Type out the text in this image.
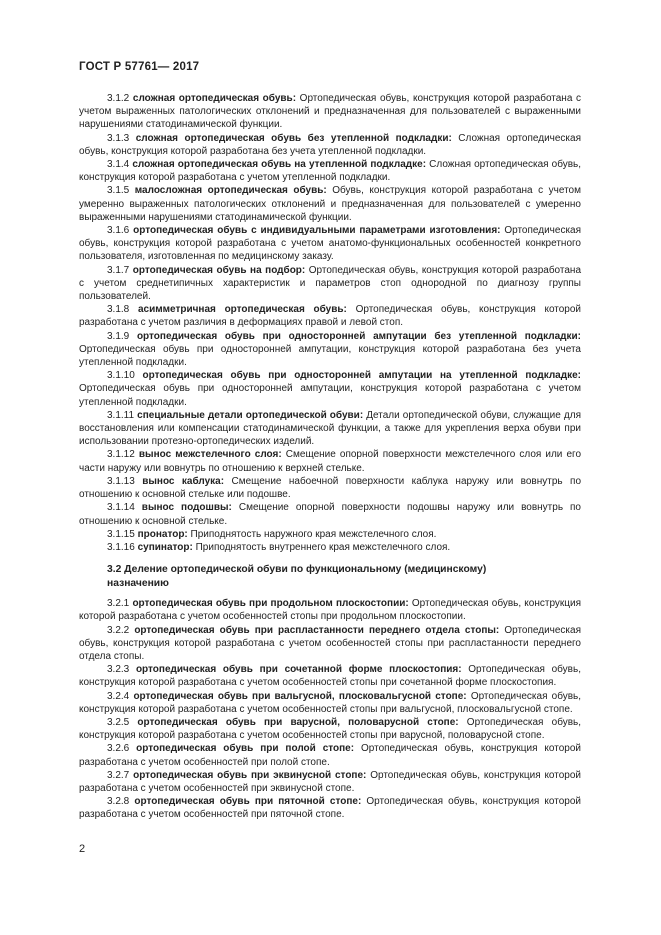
ГОСТ Р 57761— 2017
3.1.2 сложная ортопедическая обувь: Ортопедическая обувь, конструкция которой разработана с учетом выраженных патологических отклонений и предназначенная для пользователей с выраженными нарушениями статодинамической функции.
3.1.3 сложная ортопедическая обувь без утепленной подкладки: Сложная ортопедическая обувь, конструкция которой разработана без учета утепленной подкладки.
3.1.4 сложная ортопедическая обувь на утепленной подкладке: Сложная ортопедическая обувь, конструкция которой разработана с учетом утепленной подкладки.
3.1.5 малосложная ортопедическая обувь: Обувь, конструкция которой разработана с учетом умеренно выраженных патологических отклонений и предназначенная для пользователей с умеренно выраженными нарушениями статодинамической функции.
3.1.6 ортопедическая обувь с индивидуальными параметрами изготовления: Ортопедическая обувь, конструкция которой разработана с учетом анатомо-функциональных особенностей конкретного пользователя, изготовленная по медицинскому заказу.
3.1.7 ортопедическая обувь на подбор: Ортопедическая обувь, конструкция которой разработана с учетом среднетипичных характеристик и параметров стоп однородной по диагнозу группы пользователей.
3.1.8 асимметричная ортопедическая обувь: Ортопедическая обувь, конструкция которой разработана с учетом различия в деформациях правой и левой стоп.
3.1.9 ортопедическая обувь при односторонней ампутации без утепленной подкладки: Ортопедическая обувь при односторонней ампутации, конструкция которой разработана без учета утепленной подкладки.
3.1.10 ортопедическая обувь при односторонней ампутации на утепленной подкладке: Ортопедическая обувь при односторонней ампутации, конструкция которой разработана с учетом утепленной подкладки.
3.1.11 специальные детали ортопедической обуви: Детали ортопедической обуви, служащие для восстановления или компенсации статодинамической функции, а также для укрепления верха обуви при использовании протезно-ортопедических изделий.
3.1.12 вынос межстелечного слоя: Смещение опорной поверхности межстелечного слоя или его части наружу или вовнутрь по отношению к верхней стельке.
3.1.13 вынос каблука: Смещение набоечной поверхности каблука наружу или вовнутрь по отношению к основной стельке или подошве.
3.1.14 вынос подошвы: Смещение опорной поверхности подошвы наружу или вовнутрь по отношению к основной стельке.
3.1.15 пронатор: Приподнятость наружного края межстелечного слоя.
3.1.16 супинатор: Приподнятость внутреннего края межстелечного слоя.
3.2 Деление ортопедической обуви по функциональному (медицинскому)
назначению
3.2.1 ортопедическая обувь при продольном плоскостопии: Ортопедическая обувь, конструкция которой разработана с учетом особенностей стопы при продольном плоскостопии.
3.2.2 ортопедическая обувь при распластанности переднего отдела стопы: Ортопедическая обувь, конструкция которой разработана с учетом особенностей стопы при распластанности переднего отдела стопы.
3.2.3 ортопедическая обувь при сочетанной форме плоскостопия: Ортопедическая обувь, конструкция которой разработана с учетом особенностей стопы при сочетанной форме плоскостопия.
3.2.4 ортопедическая обувь при вальгусной, плосковальгусной стопе: Ортопедическая обувь, конструкция которой разработана с учетом особенностей стопы при вальгусной, плосковальгусной стопе.
3.2.5 ортопедическая обувь при варусной, половарусной стопе: Ортопедическая обувь, конструкция которой разработана с учетом особенностей стопы при варусной, половарусной стопе.
3.2.6 ортопедическая обувь при полой стопе: Ортопедическая обувь, конструкция которой разработана с учетом особенностей при полой стопе.
3.2.7 ортопедическая обувь при эквинусной стопе: Ортопедическая обувь, конструкция которой разработана с учетом особенностей при эквинусной стопе.
3.2.8 ортопедическая обувь при пяточной стопе: Ортопедическая обувь, конструкция которой разработана с учетом особенностей при пяточной стопе.
2
